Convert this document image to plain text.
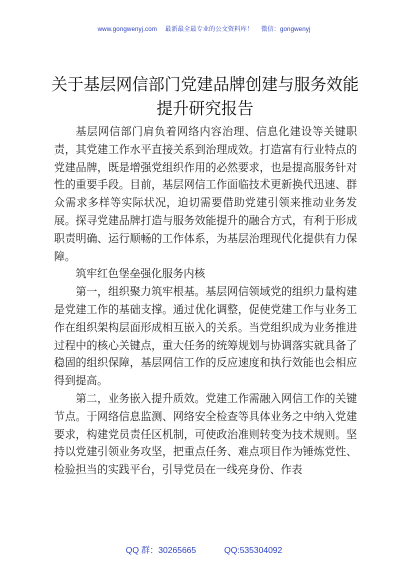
www.gongwenyj.com 最新最全最专业的公文资料库！ 微信：gongwenyj
关于基层网信部门党建品牌创建与服务效能提升研究报告

基层网信部门肩负着网络内容治理、信息化建设等关键职责，其党建工作水平直接关系到治理成效。打造富有行业特点的党建品牌，既是增强党组织作用的必然要求，也是提高服务针对性的重要手段。目前，基层网信工作面临技术更新换代迅速、群众需求多样等实际状况，迫切需要借助党建引领来推动业务发展。探寻党建品牌打造与服务效能提升的融合方式，有利于形成职责明确、运行顺畅的工作体系，为基层治理现代化提供有力保障。

筑牢红色堡垒强化服务内核

第一，组织聚力筑牢根基。基层网信领域党的组织力量构建是党建工作的基础支撑。通过优化调整，促使党建工作与业务工作在组织架构层面形成相互嵌入的关系。当党组织成为业务推进过程中的核心关键点，重大任务的统筹规划与协调落实就具备了稳固的组织保障，基层网信工作的反应速度和执行效能也会相应得到提高。

第二，业务嵌入提升质效。党建工作需融入网信工作的关键节点。于网络信息监测、网络安全检查等具体业务之中纳入党建要求，构建党员责任区机制，可使政治准则转变为技术规则。坚持以党建引领业务攻坚，把重点任务、难点项目作为锤炼党性、检验担当的实践平台，引导党员在一线亮身份、作表

QQ 群：30265665	QQ:535304092
